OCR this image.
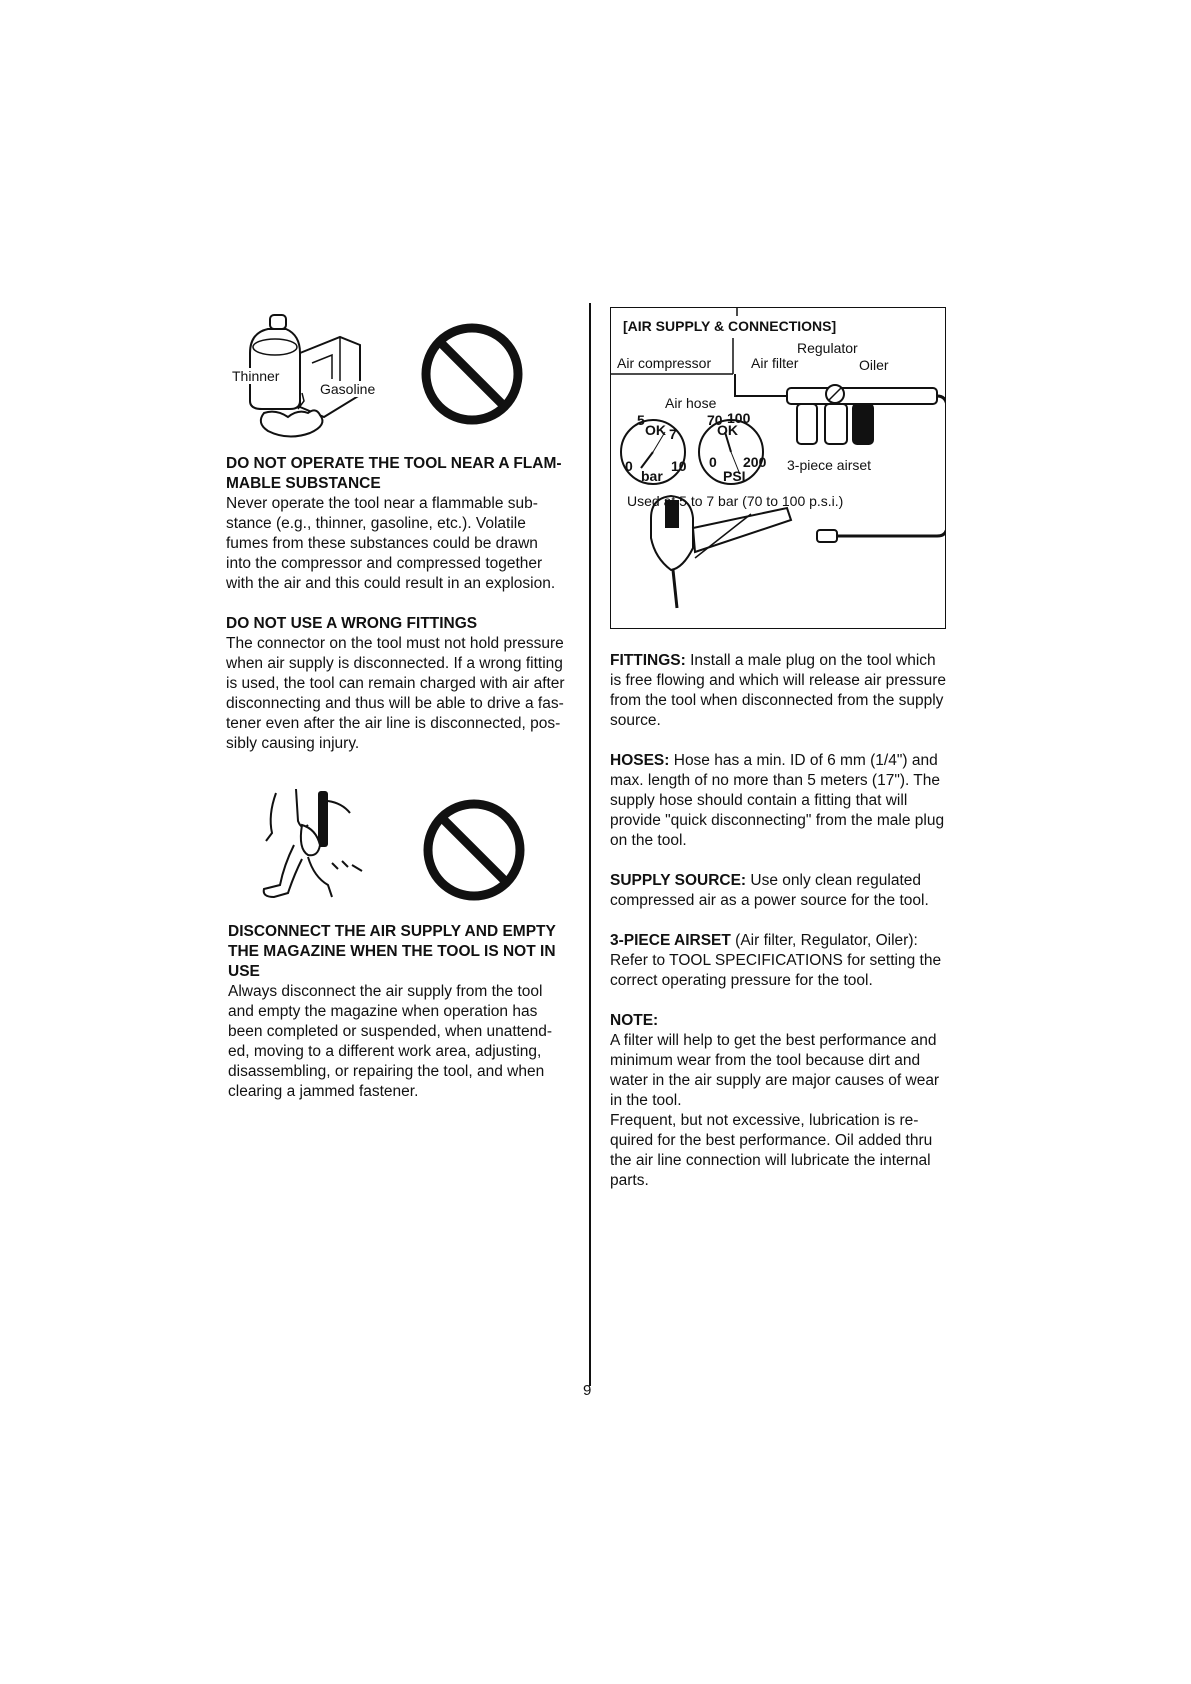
Thinner
Gasoline

DO NOT OPERATE THE TOOL NEAR A FLAM-MABLE SUBSTANCE

Never operate the tool near a flammable sub-stance (e.g., thinner, gasoline, etc.). Volatile fumes from these substances could be drawn into the compressor and compressed together with the air and this could result in an explosion.

DO NOT USE A WRONG FITTINGS

The connector on the tool must not hold pressure when air supply is disconnected. If a wrong fitting is used, the tool can remain charged with air after disconnecting and thus will be able to drive a fas-tener even after the air line is disconnected, pos-sibly causing injury.

DISCONNECT THE AIR SUPPLY AND EMPTY THE MAGAZINE WHEN THE TOOL IS NOT IN USE

Always disconnect the air supply from the tool and empty the magazine when operation has been completed or suspended, when unattend-ed, moving to a different work area, adjusting, disassembling, or repairing the tool, and when clearing a jammed fastener.

[AIR SUPPLY & CONNECTIONS]
Air compressor
Regulator
Air filter	Oiler
Air hose
3-piece airset
Used at 5 to 7 bar (70 to 100 p.s.i.)
5
OK 7
0	10
bar
70 100
OK
0 200
PSI

FITTINGS: Install a male plug on the tool which is free flowing and which will release air pressure from the tool when disconnected from the supply source.

HOSES: Hose has a min. ID of 6 mm (1/4") and max. length of no more than 5 meters (17"). The supply hose should contain a fitting that will provide "quick disconnecting" from the male plug on the tool.

SUPPLY SOURCE: Use only clean regulated compressed air as a power source for the tool.

3-PIECE AIRSET (Air filter, Regulator, Oiler): Refer to TOOL SPECIFICATIONS for setting the correct operating pressure for the tool.

NOTE:

A filter will help to get the best performance and minimum wear from the tool because dirt and water in the air supply are major causes of wear in the tool.

Frequent, but not excessive, lubrication is re-quired for the best performance. Oil added thru the air line connection will lubricate the internal parts.

9
